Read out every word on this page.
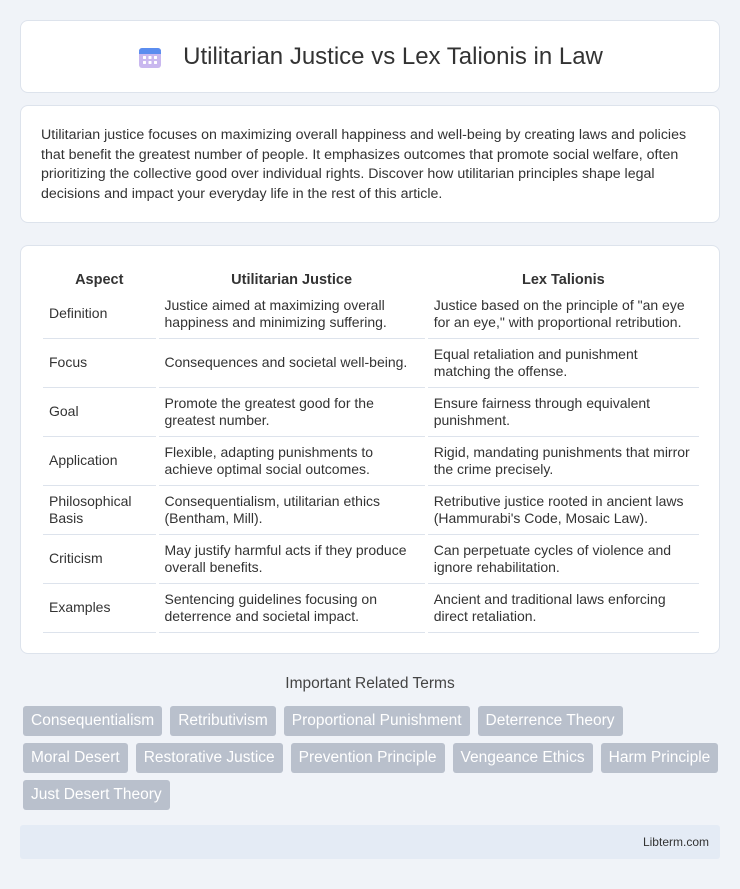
Utilitarian Justice vs Lex Talionis in Law

Utilitarian justice focuses on maximizing overall happiness and well-being by creating laws and policies that benefit the greatest number of people. It emphasizes outcomes that promote social welfare, often prioritizing the collective good over individual rights. Discover how utilitarian principles shape legal decisions and impact your everyday life in the rest of this article.

Aspect		Utilitarian Justice		Lex Talionis
Definition		Justice aimed at maximizing overall happiness and minimizing suffering.		Justice based on the principle of "an eye for an eye," with proportional retribution.
Focus		Consequences and societal well-being.		Equal retaliation and punishment matching the offense.
Goal		Promote the greatest good for the greatest number.		Ensure fairness through equivalent punishment.
Application		Flexible, adapting punishments to achieve optimal social outcomes.		Rigid, mandating punishments that mirror the crime precisely.
Philosophical Basis		Consequentialism, utilitarian ethics (Bentham, Mill).		Retributive justice rooted in ancient laws (Hammurabi's Code, Mosaic Law).
Criticism		May justify harmful acts if they produce overall benefits.		Can perpetuate cycles of violence and ignore rehabilitation.
Examples		Sentencing guidelines focusing on deterrence and societal impact.		Ancient and traditional laws enforcing direct retaliation.
Important Related Terms
Consequentialism	Retributivism	Proportional Punishment	Deterrence Theory
Moral Desert	Restorative Justice	Prevention Principle	Vengeance Ethics	Harm Principle
Just Desert Theory
Libterm.com
